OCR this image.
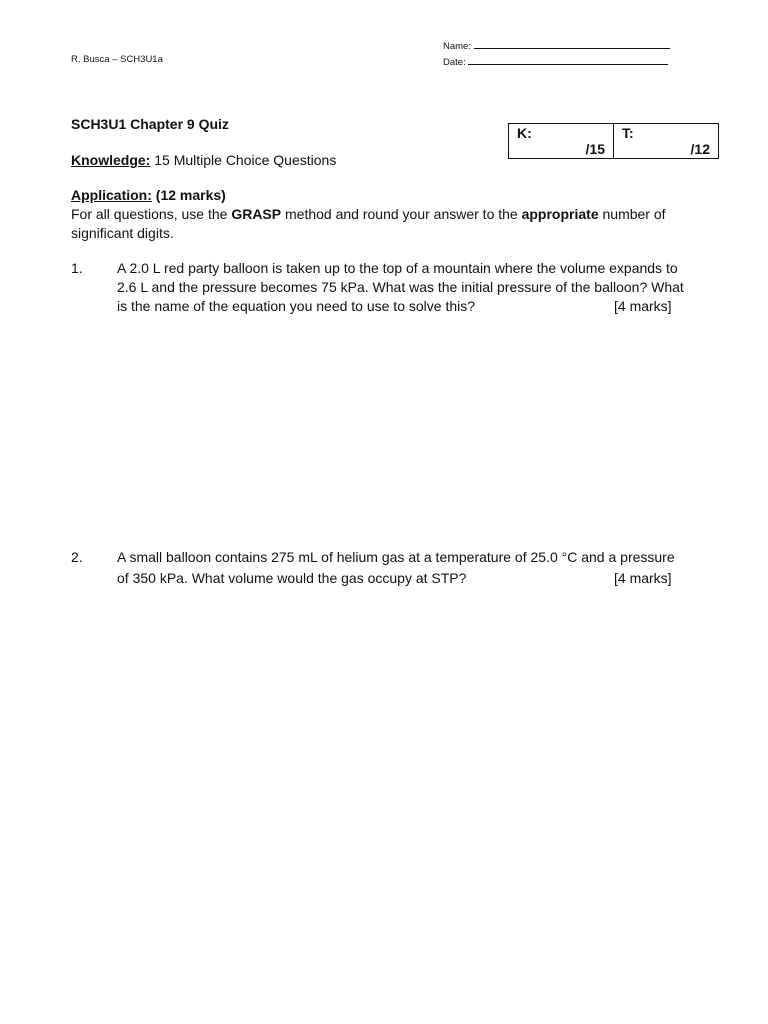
Name:
R. Busca – SCH3U1a	Date:
SCH3U1 Chapter 9 Quiz
K:
/15

T:
/12
Knowledge: 15 Multiple Choice Questions
Application: (12 marks)
For all questions, use the GRASP method and round your answer to the appropriate number of significant digits.
1. A 2.0 L red party balloon is taken up to the top of a mountain where the volume expands to
2.6 L and the pressure becomes 75 kPa. What was the initial pressure of the balloon? What
is the name of the equation you need to use to solve this?	[4 marks]
2. A small balloon contains 275 mL of helium gas at a temperature of 25.0 °C and a pressure
of 350 kPa. What volume would the gas occupy at STP?	[4 marks]
